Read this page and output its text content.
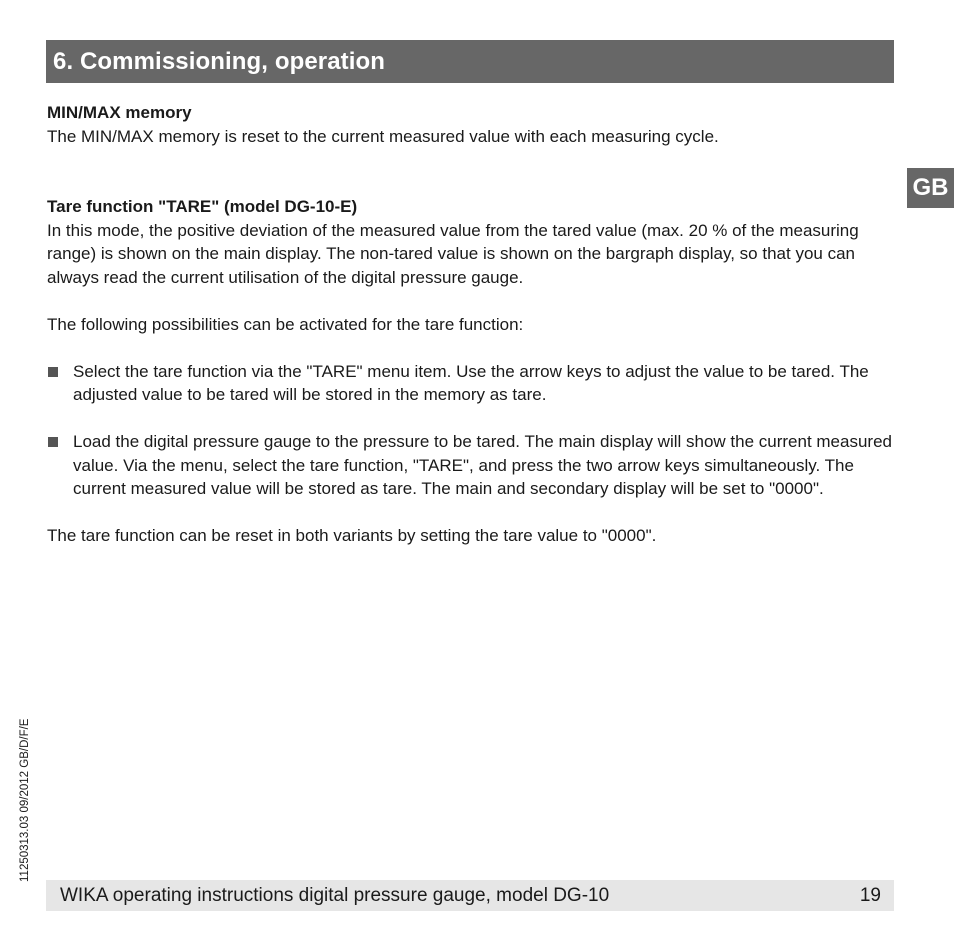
6. Commissioning, operation
GB

MIN/MAX memory

The MIN/MAX memory is reset to the current measured value with each measuring cycle.

Tare function "TARE" (model DG-10-E)

In this mode, the positive deviation of the measured value from the tared value (max. 20 % of the measuring range) is shown on the main display. The non-tared value is shown on the bargraph display, so that you can always read the current utilisation of the digital pressure gauge.

The following possibilities can be activated for the tare function:

Select the tare function via the "TARE" menu item. Use the arrow keys to adjust the value to be tared. The adjusted value to be tared will be stored in the memory as tare.

Load the digital pressure gauge to the pressure to be tared. The main display will show the current measured value. Via the menu, select the tare function, "TARE", and press the two arrow keys simultaneously. The current measured value will be stored as tare. The main and secondary display will be set to "0000".

The tare function can be reset in both variants by setting the tare value to "0000".

11250313.03 09/2012 GB/D/F/E
WIKA operating instructions digital pressure gauge, model DG-10	19
